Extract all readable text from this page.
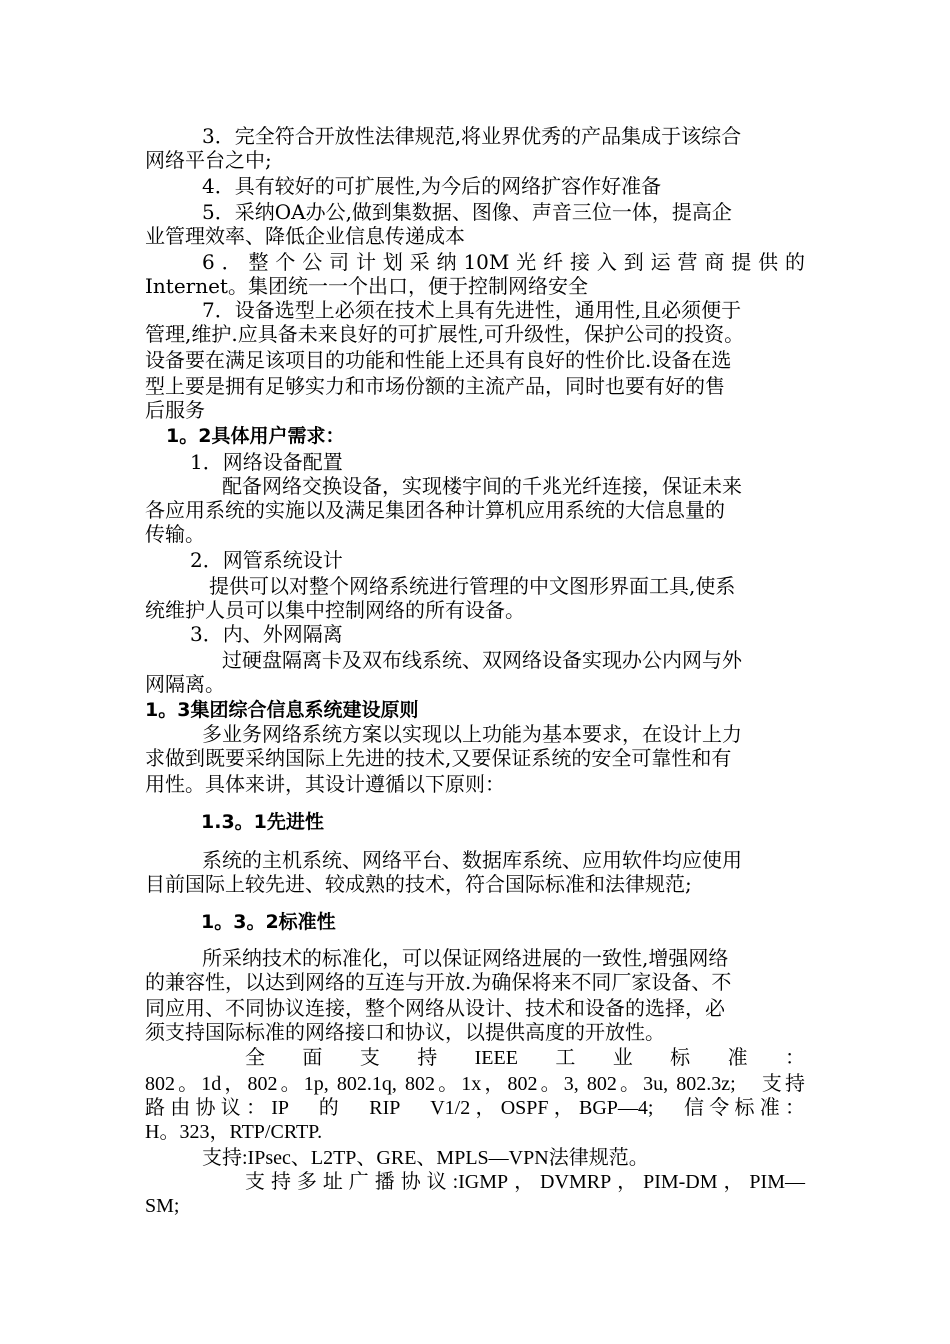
3．完全符合开放性法律规范,将业界优秀的产品集成于该综合
网络平台之中;
4．具有较好的可扩展性,为今后的网络扩容作好准备
5．采纳OA办公,做到集数据、图像、声音三位一体，提高企
业管理效率、降低企业信息传递成本
6．整个公司计划采纳10M光纤接入到运营商提供的
Internet。集团统一一个出口，便于控制网络安全
7．设备选型上必须在技术上具有先进性，通用性,且必须便于
管理,维护.应具备未来良好的可扩展性,可升级性，保护公司的投资。
设备要在满足该项目的功能和性能上还具有良好的性价比.设备在选
型上要是拥有足够实力和市场份额的主流产品，同时也要有好的售
后服务
1。2具体用户需求：
1．网络设备配置
配备网络交换设备，实现楼宇间的千兆光纤连接，保证未来
各应用系统的实施以及满足集团各种计算机应用系统的大信息量的
传输。
2．网管系统设计
提供可以对整个网络系统进行管理的中文图形界面工具,使系
统维护人员可以集中控制网络的所有设备。
3．内、外网隔离
过硬盘隔离卡及双布线系统、双网络设备实现办公内网与外
网隔离。
1。3集团综合信息系统建设原则
多业务网络系统方案以实现以上功能为基本要求，在设计上力
求做到既要采纳国际上先进的技术,又要保证系统的安全可靠性和有
用性。具体来讲，其设计遵循以下原则：
1.3。1先进性
系统的主机系统、网络平台、数据库系统、应用软件均应使用
目前国际上较先进、较成熟的技术，符合国际标准和法律规范;
1。3。2标准性
所采纳技术的标准化，可以保证网络进展的一致性,增强网络
的兼容性，以达到网络的互连与开放.为确保将来不同厂家设备、不
同应用、不同协议连接，整个网络从设计、技术和设备的选择，必
须支持国际标准的网络接口和协议，以提供高度的开放性。
全　面　支　持　IEEE　工　业　标　准　：
802。1d，802。1p, 802.1q, 802。1x，802。3, 802。3u, 802.3z;　支持
路由协议：IP　的　RIP　V1/2，OSPF，BGP—4;　信令标准：
H。323，RTP/CRTP.
支持:IPsec、L2TP、GRE、MPLS—VPN法律规范。
支持多址广播协议:IGMP，DVMRP，PIM-DM，PIM—
SM;
